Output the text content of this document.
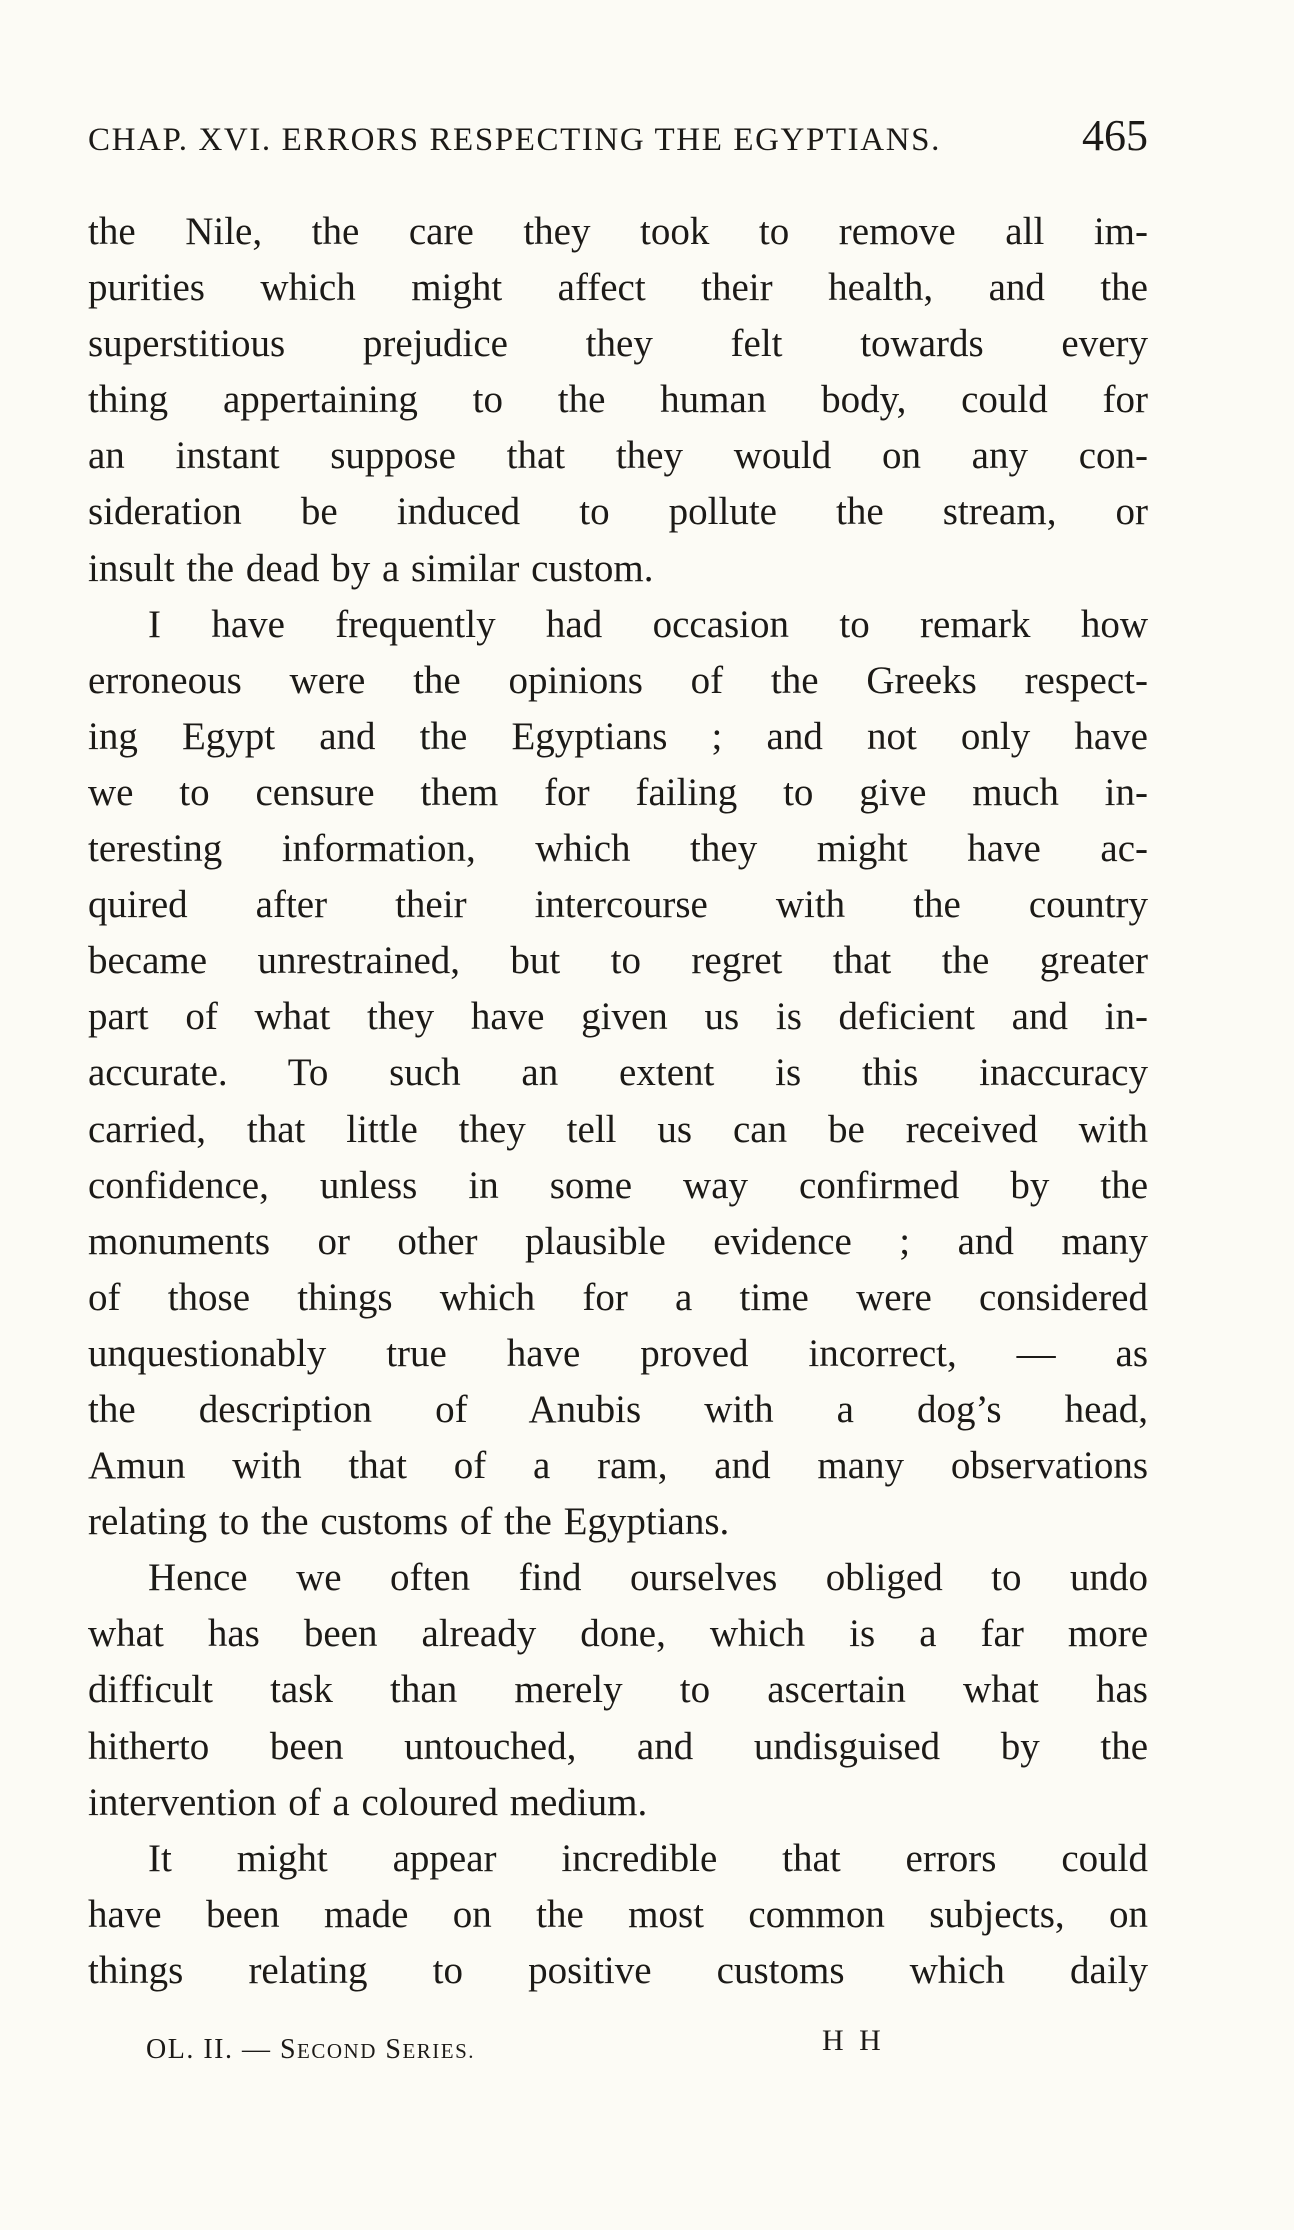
CHAP. XVI. ERRORS RESPECTING THE EGYPTIANS.	465
the Nile, the care they took to remove all im-
purities which might affect their health, and the
superstitious prejudice they felt towards every
thing appertaining to the human body, could for
an instant suppose that they would on any con-
sideration be induced to pollute the stream, or
insult the dead by a similar custom.
I have frequently had occasion to remark how
erroneous were the opinions of the Greeks respect-
ing Egypt and the Egyptians ; and not only have
we to censure them for failing to give much in-
teresting information, which they might have ac-
quired after their intercourse with the country
became unrestrained, but to regret that the greater
part of what they have given us is deficient and in-
accurate. To such an extent is this inaccuracy
carried, that little they tell us can be received with
confidence, unless in some way confirmed by the
monuments or other plausible evidence ; and many
of those things which for a time were considered
unquestionably true have proved incorrect, — as
the description of Anubis with a dog’s head,
Amun with that of a ram, and many observations
relating to the customs of the Egyptians.
Hence we often find ourselves obliged to undo
what has been already done, which is a far more
difficult task than merely to ascertain what has
hitherto been untouched, and undisguised by the
intervention of a coloured medium.
It might appear incredible that errors could
have been made on the most common subjects, on
things relating to positive customs which daily
OL. II. — SECOND SERIES.	H H
